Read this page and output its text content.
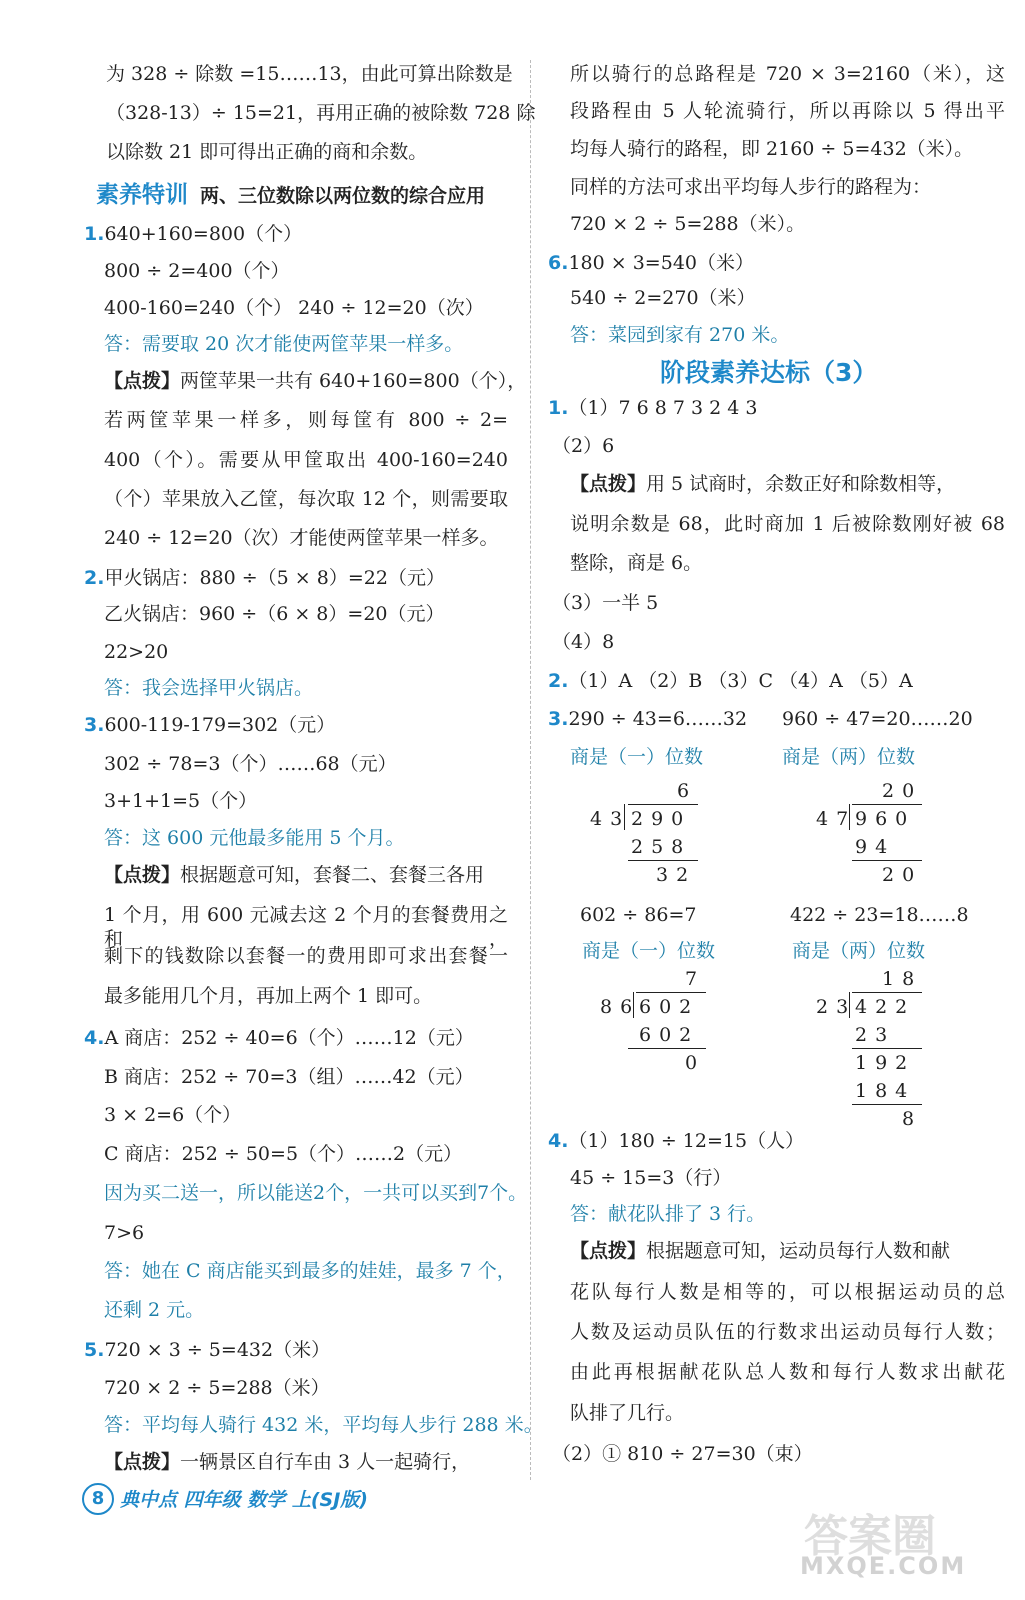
为 328 ÷ 除数 =15……13，由此可算出除数是
（328-13）÷ 15=21，再用正确的被除数 728 除
以除数 21 即可得出正确的商和余数。
素养特训 两、三位数除以两位数的综合应用
1.640+160=800（个）
800 ÷ 2=400（个）
400-160=240（个） 240 ÷ 12=20（次）
答：需要取 20 次才能使两筐苹果一样多。
【点拨】两筐苹果一共有 640+160=800（个），
若两筐苹果一样多，则每筐有 800 ÷ 2=
400（个）。需要从甲筐取出 400-160=240
（个）苹果放入乙筐，每次取 12 个，则需要取
240 ÷ 12=20（次）才能使两筐苹果一样多。
2.甲火锅店：880 ÷（5 × 8）=22（元）
乙火锅店：960 ÷（6 × 8）=20（元）
22>20
答：我会选择甲火锅店。
3.600-119-179=302（元）
302 ÷ 78=3（个）……68（元）
3+1+1=5（个）
答：这 600 元他最多能用 5 个月。
【点拨】根据题意可知，套餐二、套餐三各用
1 个月，用 600 元减去这 2 个月的套餐费用之和，
剩下的钱数除以套餐一的费用即可求出套餐一
最多能用几个月，再加上两个 1 即可。
4.A 商店：252 ÷ 40=6（个）……12（元）
B 商店：252 ÷ 70=3（组）……42（元）
3 × 2=6（个）
C 商店：252 ÷ 50=5（个）……2（元）
因为买二送一，所以能送2个，一共可以买到7个。
7>6
答：她在 C 商店能买到最多的娃娃，最多 7 个，
还剩 2 元。
5.720 × 3 ÷ 5=432（米）
720 × 2 ÷ 5=288（米）
答：平均每人骑行 432 米，平均每人步行 288 米。
【点拨】一辆景区自行车由 3 人一起骑行，
所以骑行的总路程是 720 × 3=2160（米），这
段路程由 5 人轮流骑行，所以再除以 5 得出平
均每人骑行的路程，即 2160 ÷ 5=432（米）。
同样的方法可求出平均每人步行的路程为：
720 × 2 ÷ 5=288（米）。
6.180 × 3=540（米）
540 ÷ 2=270（米）
答：菜园到家有 270 米。
阶段素养达标（3）
1.（1）7 6 8 7 3 2 4 3
（2）6
【点拨】用 5 试商时，余数正好和除数相等，
说明余数是 68，此时商加 1 后被除数刚好被 68
整除，商是 6。
（3）一半 5
（4）8
2.（1）A （2）B （3）C （4）A （5）A
3.290 ÷ 43=6……32 960 ÷ 47=20……20
商是（一）位数	商是（两）位数
6
43 290
258
32
20
47
960
94
20
602 ÷ 86=7	422 ÷ 23=18……8
商是（一）位数	商是（两）位数
7
86
602
602
0
18
23
422
23
192
184
8
4.（1）180 ÷ 12=15（人）
45 ÷ 15=3（行）
答：献花队排了 3 行。
【点拨】根据题意可知，运动员每行人数和献
花队每行人数是相等的，可以根据运动员的总
人数及运动员队伍的行数求出运动员每行人数；
由此再根据献花队总人数和每行人数求出献花
队排了几行。
（2）① 810 ÷ 27=30（束）
8 典中点 四年级 数学 上(SJ版)
答案圈
MXQE.COM
